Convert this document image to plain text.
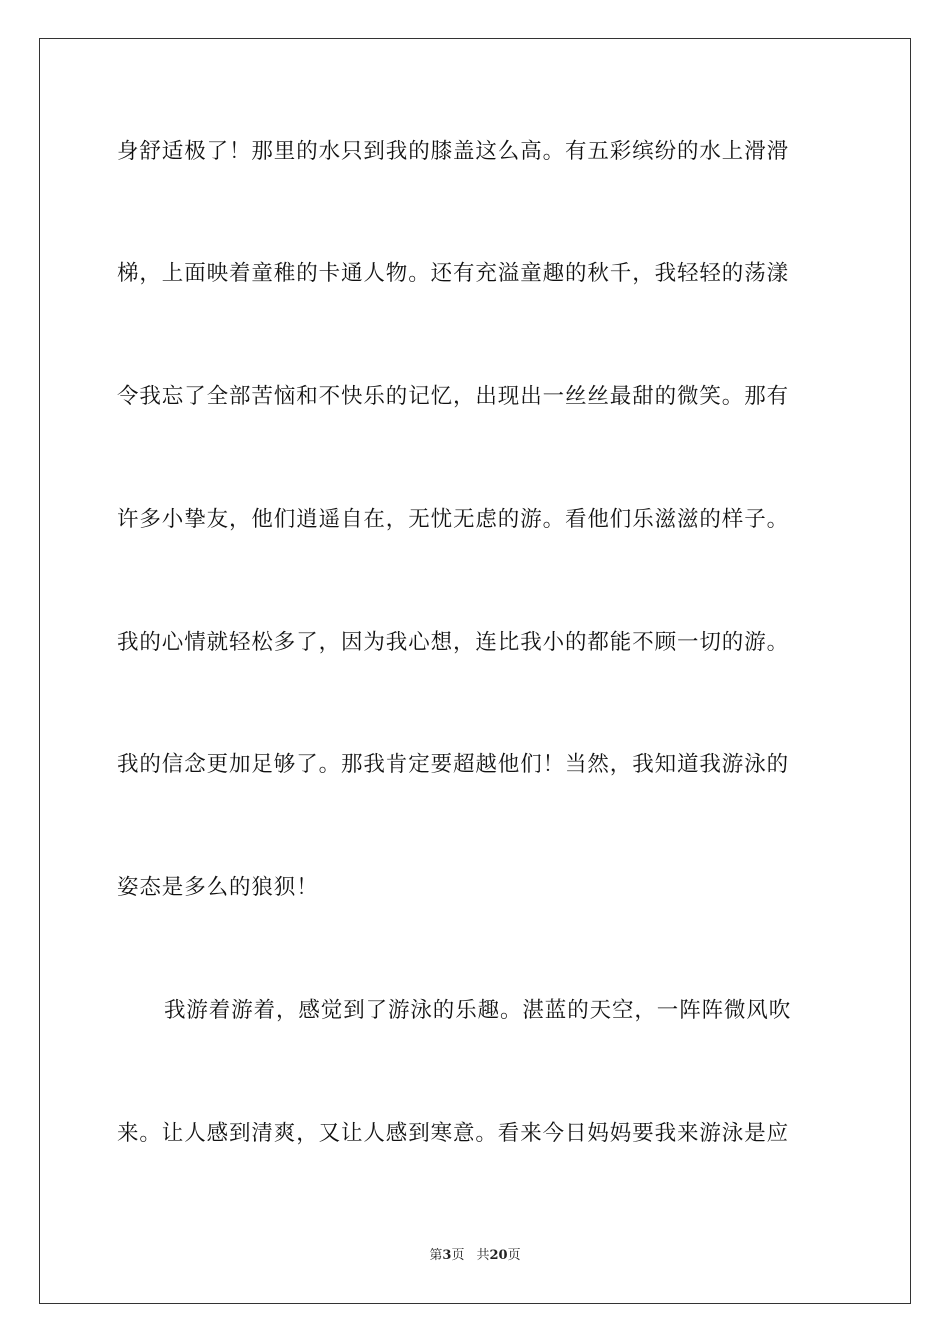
身舒适极了！那里的水只到我的膝盖这么高。有五彩缤纷的水上滑滑
梯，上面映着童稚的卡通人物。还有充溢童趣的秋千，我轻轻的荡漾
令我忘了全部苦恼和不快乐的记忆，出现出一丝丝最甜的微笑。那有
许多小挚友，他们逍遥自在，无忧无虑的游。看他们乐滋滋的样子。
我的心情就轻松多了，因为我心想，连比我小的都能不顾一切的游。
我的信念更加足够了。那我肯定要超越他们！当然，我知道我游泳的
姿态是多么的狼狈！
我游着游着，感觉到了游泳的乐趣。湛蓝的天空，一阵阵微风吹
来。让人感到清爽，又让人感到寒意。看来今日妈妈要我来游泳是应
第3页 共20页
